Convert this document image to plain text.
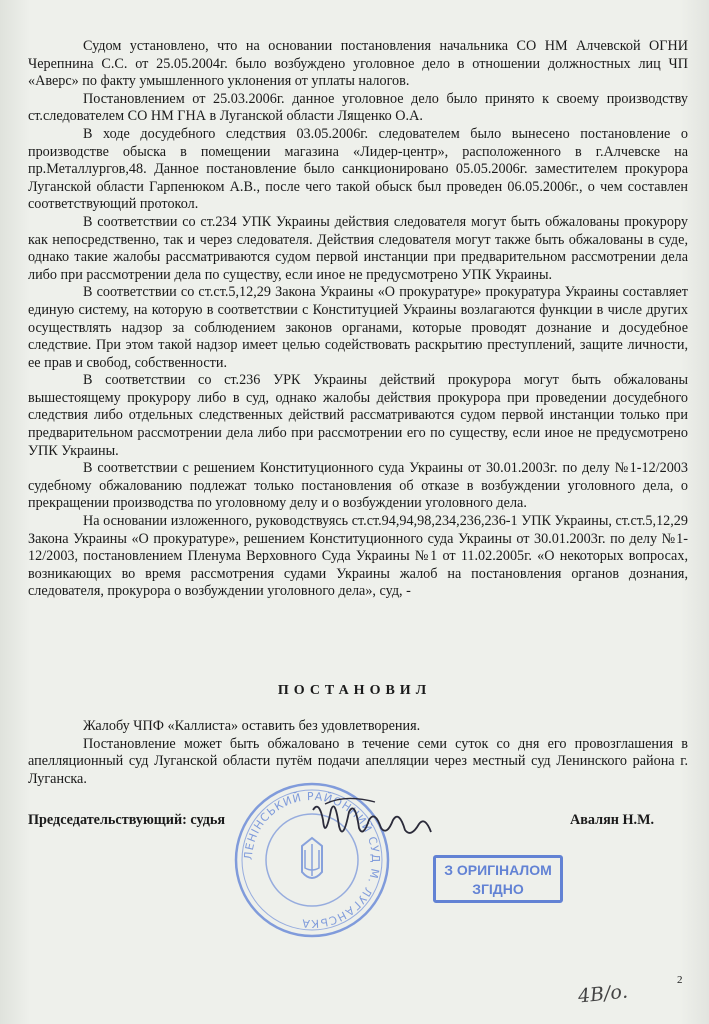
Судом установлено, что на основании постановления начальника СО НМ Алчевской ОГНИ Черепнина С.С. от 25.05.2004г. было возбуждено уголовное дело в отношении должностных лиц ЧП «Аверс» по факту умышленного уклонения от уплаты налогов.

Постановлением от 25.03.2006г. данное уголовное дело было принято к своему производству ст.следователем СО НМ ГНА в Луганской области Лященко О.А.

В ходе досудебного следствия 03.05.2006г. следователем было вынесено постановление о производстве обыска в помещении магазина «Лидер-центр», расположенного в г.Алчевске на пр.Металлургов,48. Данное постановление было санкционировано 05.05.2006г. заместителем прокурора Луганской области Гарпенюком А.В., после чего такой обыск был проведен 06.05.2006г., о чем составлен соответствующий протокол.

В соответствии со ст.234 УПК Украины действия следователя могут быть обжалованы прокурору как непосредственно, так и через следователя. Действия следователя могут также быть обжалованы в суде, однако такие жалобы рассматриваются судом первой инстанции при предварительном рассмотрении дела либо при рассмотрении дела по существу, если иное не предусмотрено УПК Украины.

В соответствии со ст.ст.5,12,29 Закона Украины «О прокуратуре» прокуратура Украины составляет единую систему, на которую в соответствии с Конституцией Украины возлагаются функции в числе других осуществлять надзор за соблюдением законов органами, которые проводят дознание и досудебное следствие. При этом такой надзор имеет целью содействовать раскрытию преступлений, защите личности, ее прав и свобод, собственности.

В соответствии со ст.236 УРК Украины действий прокурора могут быть обжалованы вышестоящему прокурору либо в суд, однако жалобы действия прокурора при проведении досудебного следствия либо отдельных следственных действий рассматриваются судом первой инстанции только при предварительном рассмотрении дела либо при рассмотрении его по существу, если иное не предусмотрено УПК Украины.

В соответствии с решением Конституционного суда Украины от 30.01.2003г. по делу №1-12/2003 судебному обжалованию подлежат только постановления об отказе в возбуждении уголовного дела, о прекращении производства по уголовному делу и о возбуждении уголовного дела.

На основании изложенного, руководствуясь ст.ст.94,94,98,234,236,236-1 УПК Украины, ст.ст.5,12,29 Закона Украины «О прокуратуре», решением Конституционного суда Украины от 30.01.2003г. по делу №1-12/2003, постановлением Пленума Верховного Суда Украины №1 от 11.02.2005г. «О некоторых вопросах, возникающих во время рассмотрения судами Украины жалоб на постановления органов дознания, следователя, прокурора о возбуждении уголовного дела», суд, -

ПОСТАНОВИЛ

Жалобу ЧПФ «Каллиста» оставить без удовлетворения.

Постановление может быть обжаловано в течение семи суток со дня его провозглашения в апелляционный суд Луганской области путём подачи апелляции через местный суд Ленинского района г. Луганска.

Председательствующий: судья	Авалян Н.М.
ЛЕНІНСЬКИЙ РАЙОННИЙ СУД М. ЛУГАНСЬКА
З ОРИГІНАЛОМ
ЗГІДНО
2
4В/о.
